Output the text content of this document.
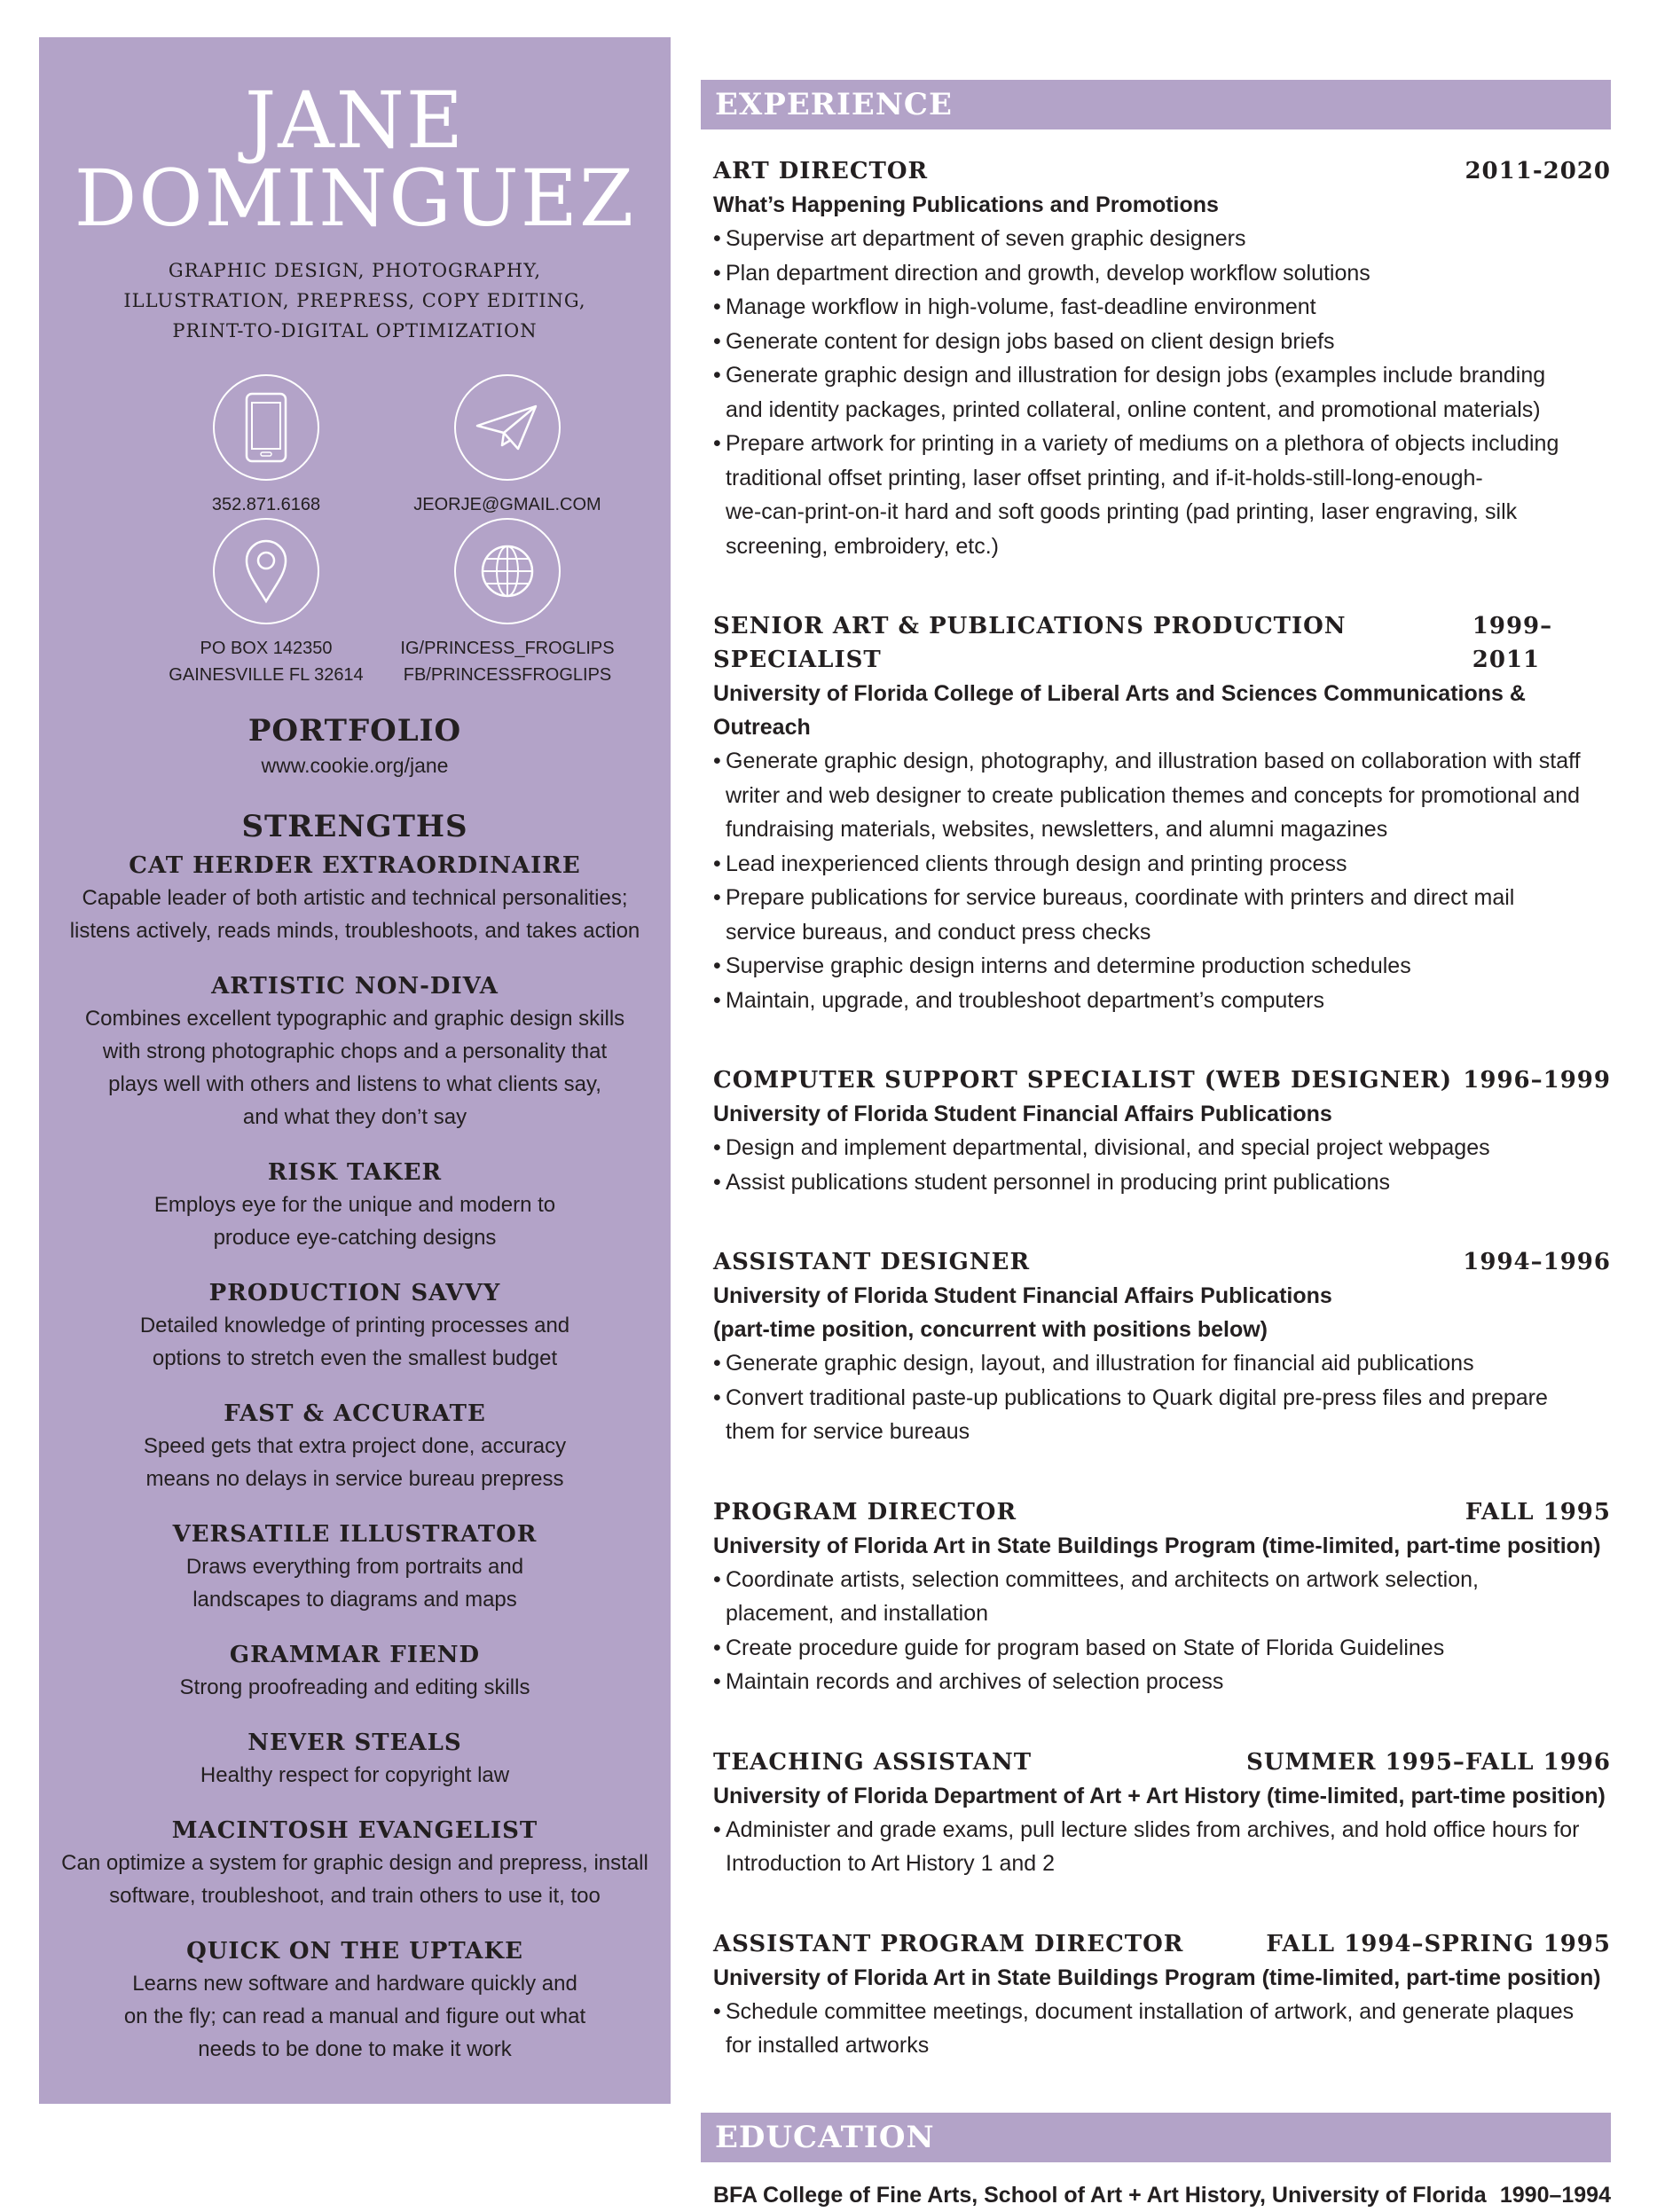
JANE
DOMINGUEZ
GRAPHIC DESIGN, PHOTOGRAPHY,
ILLUSTRATION, PREPRESS, COPY EDITING,
PRINT-TO-DIGITAL OPTIMIZATION
352.871.6168	JEORJE@GMAIL.COM
PO BOX 142350
GAINESVILLE FL 32614
IG/PRINCESS_FROGLIPS
FB/PRINCESSFROGLIPS
PORTFOLIO
www.cookie.org/jane
STRENGTHS
CAT HERDER EXTRAORDINAIRE
Capable leader of both artistic and technical personalities;
listens actively, reads minds, troubleshoots, and takes action
ARTISTIC NON-DIVA
Combines excellent typographic and graphic design skills
with strong photographic chops and a personality that
plays well with others and listens to what clients say,
and what they don’t say
RISK TAKER
Employs eye for the unique and modern to
produce eye-catching designs
PRODUCTION SAVVY
Detailed knowledge of printing processes and
options to stretch even the smallest budget
FAST & ACCURATE
Speed gets that extra project done, accuracy
means no delays in service bureau prepress
VERSATILE ILLUSTRATOR
Draws everything from portraits and
landscapes to diagrams and maps
GRAMMAR FIEND
Strong proofreading and editing skills
NEVER STEALS
Healthy respect for copyright law
MACINTOSH EVANGELIST
Can optimize a system for graphic design and prepress, install
software, troubleshoot, and train others to use it, too
QUICK ON THE UPTAKE
Learns new software and hardware quickly and
on the fly; can read a manual and figure out what
needs to be done to make it work
EXPERIENCE
ART DIRECTOR	2011-2020
What’s Happening Publications and Promotions
• Supervise art department of seven graphic designers
• Plan department direction and growth, develop workflow solutions
• Manage workflow in high-volume, fast-deadline environment
• Generate content for design jobs based on client design briefs
• Generate graphic design and illustration for design jobs (examples include branding
and identity packages, printed collateral, online content, and promotional materials)
• Prepare artwork for printing in a variety of mediums on a plethora of objects including
traditional offset printing, laser offset printing, and if-it-holds-still-long-enough-
we-can-print-on-it hard and soft goods printing (pad printing, laser engraving, silk
screening, embroidery, etc.)
SENIOR ART & PUBLICATIONS PRODUCTION SPECIALIST
1999–2011
University of Florida College of Liberal Arts and Sciences Communications & Outreach
• Generate graphic design, photography, and illustration based on collaboration with staff
writer and web designer to create publication themes and concepts for promotional and
fundraising materials, websites, newsletters, and alumni magazines
• Lead inexperienced clients through design and printing process
• Prepare publications for service bureaus, coordinate with printers and direct mail
service bureaus, and conduct press checks
• Supervise graphic design interns and determine production schedules
• Maintain, upgrade, and troubleshoot department’s computers
COMPUTER SUPPORT SPECIALIST (WEB DESIGNER) 1996–1999
University of Florida Student Financial Affairs Publications
• Design and implement departmental, divisional, and special project webpages
• Assist publications student personnel in producing print publications
ASSISTANT DESIGNER	1994–1996
University of Florida Student Financial Affairs Publications
(part-time position, concurrent with positions below)
• Generate graphic design, layout, and illustration for financial aid publications
• Convert traditional paste-up publications to Quark digital pre-press files and prepare
them for service bureaus
PROGRAM DIRECTOR	FALL 1995
University of Florida Art in State Buildings Program (time-limited, part-time position)
• Coordinate artists, selection committees, and architects on artwork selection,
placement, and installation
• Create procedure guide for program based on State of Florida Guidelines
• Maintain records and archives of selection process
TEACHING ASSISTANT	SUMMER 1995–FALL 1996
University of Florida Department of Art + Art History (time-limited, part-time position)
• Administer and grade exams, pull lecture slides from archives, and hold office hours for
Introduction to Art History 1 and 2
ASSISTANT PROGRAM DIRECTOR	FALL 1994–SPRING 1995
University of Florida Art in State Buildings Program (time-limited, part-time position)
• Schedule committee meetings, document installation of artwork, and generate plaques
for installed artworks
EDUCATION
BFA College of Fine Arts, School of Art + Art History, University of Florida 1990–1994
